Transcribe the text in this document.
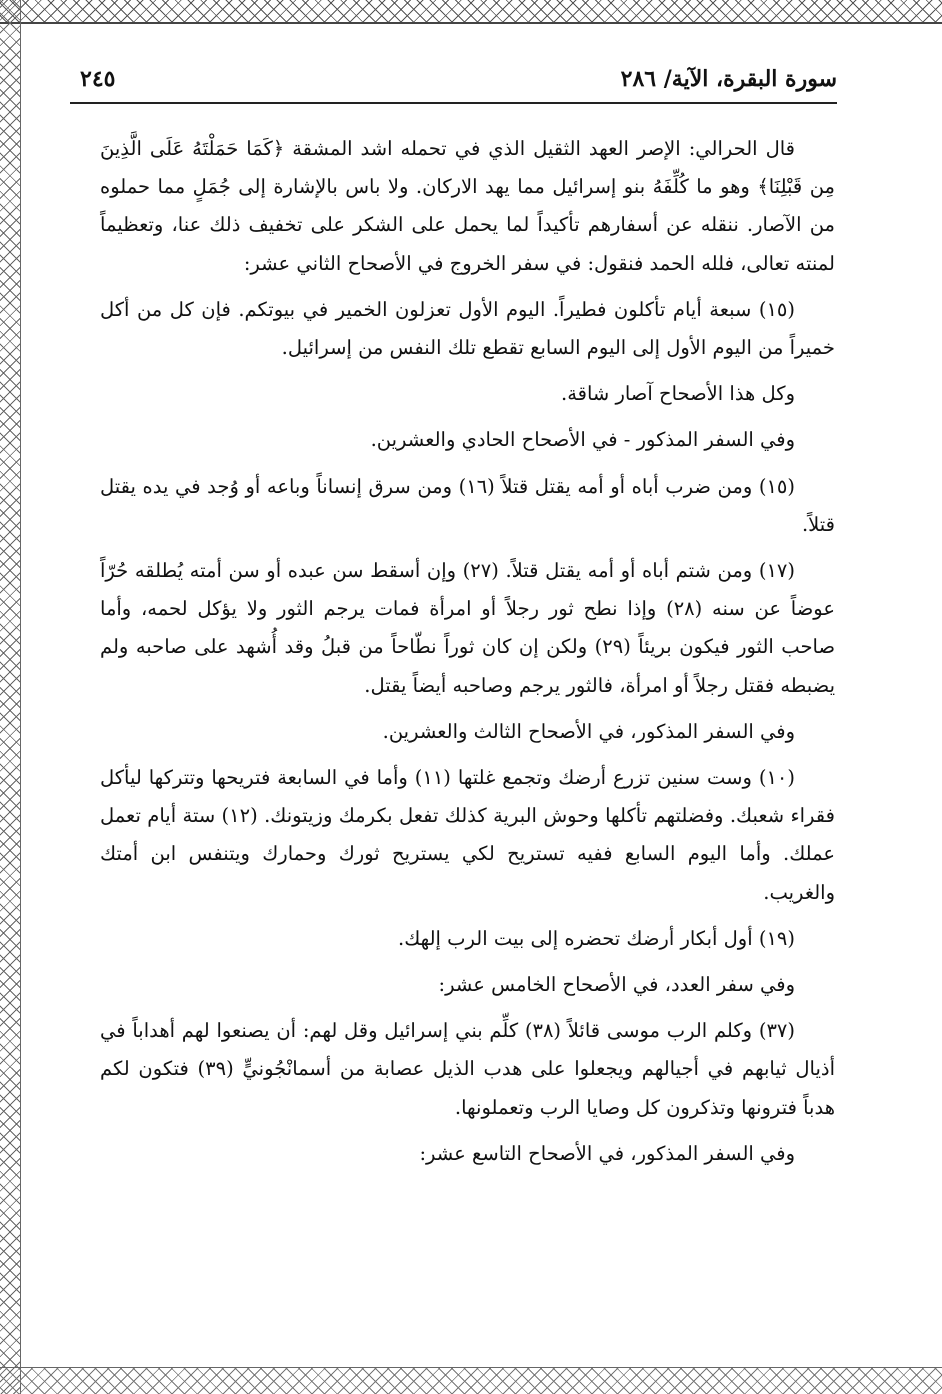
سورة البقرة، الآية/ ٢٨٦
٢٤٥

قال الحرالي: الإصر العهد الثقيل الذي في تحمله اشد المشقة ﴿كَمَا حَمَلْتَهُ عَلَى الَّذِينَ مِن قَبْلِنَا﴾ وهو ما كُلِّفَهُ بنو إسرائيل مما يهد الاركان. ولا باس بالإشارة إلى جُمَلٍ مما حملوه من الآصار. ننقله عن أسفارهم تأكيداً لما يحمل على الشكر على تخفيف ذلك عنا، وتعظيماً لمنته تعالى، فلله الحمد فنقول: في سفر الخروج في الأصحاح الثاني عشر:

(١٥) سبعة أيام تأكلون فطيراً. اليوم الأول تعزلون الخمير في بيوتكم. فإن كل من أكل خميراً من اليوم الأول إلى اليوم السابع تقطع تلك النفس من إسرائيل.

وكل هذا الأصحاح آصار شاقة.

وفي السفر المذكور - في الأصحاح الحادي والعشرين.

(١٥) ومن ضرب أباه أو أمه يقتل قتلاً (١٦) ومن سرق إنساناً وباعه أو وُجد في يده يقتل قتلاً.

(١٧) ومن شتم أباه أو أمه يقتل قتلاً. (٢٧) وإن أسقط سن عبده أو سن أمته يُطلقه حُرّاً عوضاً عن سنه (٢٨) وإذا نطح ثور رجلاً أو امرأة فمات يرجم الثور ولا يؤكل لحمه، وأما صاحب الثور فيكون بريئاً (٢٩) ولكن إن كان ثوراً نطّاحاً من قبلُ وقد أُشهد على صاحبه ولم يضبطه فقتل رجلاً أو امرأة، فالثور يرجم وصاحبه أيضاً يقتل.

وفي السفر المذكور، في الأصحاح الثالث والعشرين.

(١٠) وست سنين تزرع أرضك وتجمع غلتها (١١) وأما في السابعة فتريحها وتتركها ليأكل فقراء شعبك. وفضلتهم تأكلها وحوش البرية كذلك تفعل بكرمك وزيتونك. (١٢) ستة أيام تعمل عملك. وأما اليوم السابع ففيه تستريح لكي يستريح ثورك وحمارك ويتنفس ابن أمتك والغريب.

(١٩) أول أبكار أرضك تحضره إلى بيت الرب إلهك.

وفي سفر العدد، في الأصحاح الخامس عشر:

(٣٧) وكلم الرب موسى قائلاً (٣٨) كلِّم بني إسرائيل وقل لهم: أن يصنعوا لهم أهداباً في أذيال ثيابهم في أجيالهم ويجعلوا على هدب الذيل عصابة من أسمانْجُونيٍّ (٣٩) فتكون لكم هدباً فترونها وتذكرون كل وصايا الرب وتعملونها.

وفي السفر المذكور، في الأصحاح التاسع عشر:
